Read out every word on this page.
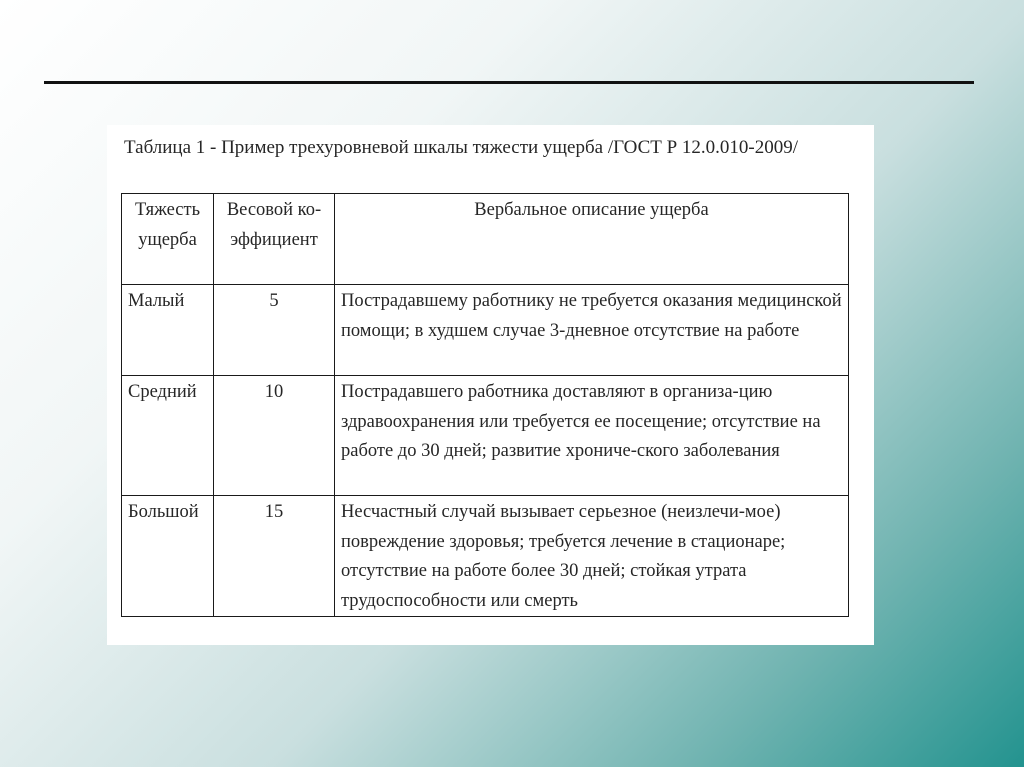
Таблица 1 - Пример трехуровневой шкалы тяжести ущерба /ГОСТ Р 12.0.010-2009/

Тяжесть ущерба	Весовой ко-эффициент	Вербальное описание ущерба
Малый	5	Пострадавшему работнику не требуется оказания медицинской помощи; в худшем случае 3-дневное отсутствие на работе
Средний	10	Пострадавшего работника доставляют в организа-цию здравоохранения или требуется ее посещение; отсутствие на работе до 30 дней; развитие хрониче-ского заболевания
Большой	15	Несчастный случай вызывает серьезное (неизлечи-мое) повреждение здоровья; требуется лечение в стационаре; отсутствие на работе более 30 дней; стойкая утрата трудоспособности или смерть
